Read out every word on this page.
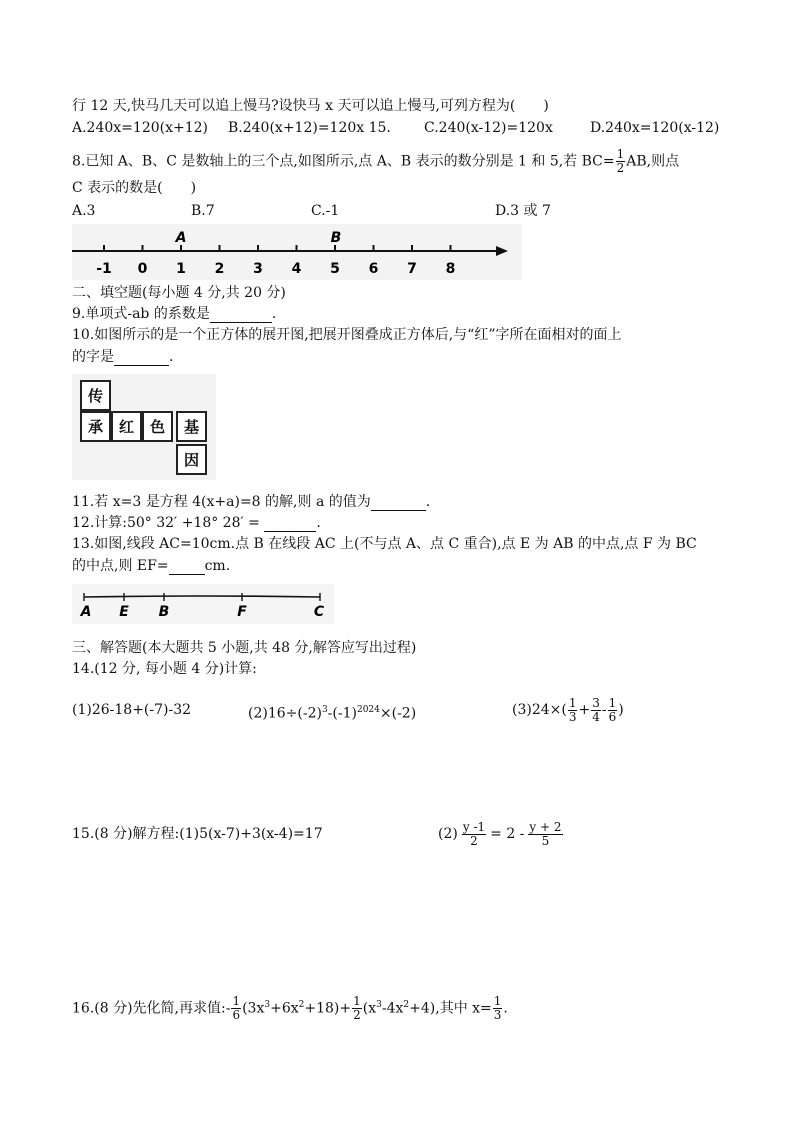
行 12 天,快马几天可以追上慢马?设快马 x 天可以追上慢马,可列方程为(　　)
A.240x=120(x+12) B.240(x+12)=120x 15. C.240(x-12)=120x	D.240x=120(x-12)
8.已知 A、B、C 是数轴上的三个点,如图所示,点 A、B 表示的数分别是 1 和 5,若 $BC= \frac{1}{2}$ AB,则点
C 表示的数是(　　)
A.3	B.7	C.-1	D.3 或 7
-1 0 1 2 3 4 5 6 7 8
A	B
二、填空题(每小题 4 分,共 20 分)
9.单项式-ab 的系数是	.
10.如图所示的是一个正方体的展开图,把展开图叠成正方体后,与“红”字所在面相对的面上
的字是	.
传
承	红	色	基
因
11.若 x=3 是方程 4(x+a)=8 的解,则 a 的值为	.
12.计算:50° 32′ +18° 28′ =	.
13.如图,线段 AC=10cm.点 B 在线段 AC 上(不与点 A、点 C 重合),点 E 为 AB 的中点,点 F 为 BC
的中点,则 EF=	cm.
A E B	F	C
三、解答题(本大题共 5 小题,共 48 分,解答应写出过程)
14.(12 分, 每小题 4 分)计算:
(1)26-18+(-7)-32	$(2)16\div(-2)^3-(-1)^{2024}\times(-2)$	$(3)24\times( \frac{1}{3} + \frac{3}{4} - \frac{1}{6}$ )
15.(8 分)解方程:(1)5(x-7)+3(x-4)=17	$(2) \frac{y -1}{2} = 2 - \frac{y + 2}{5}$
16.(8 分)先化简,再求值:- $\frac{1}{6} (3x^3+6x^2+18)+ \frac{1}{2} (x^3-4x^2+4)$,其中 $x= \frac{1}{3}$ .
